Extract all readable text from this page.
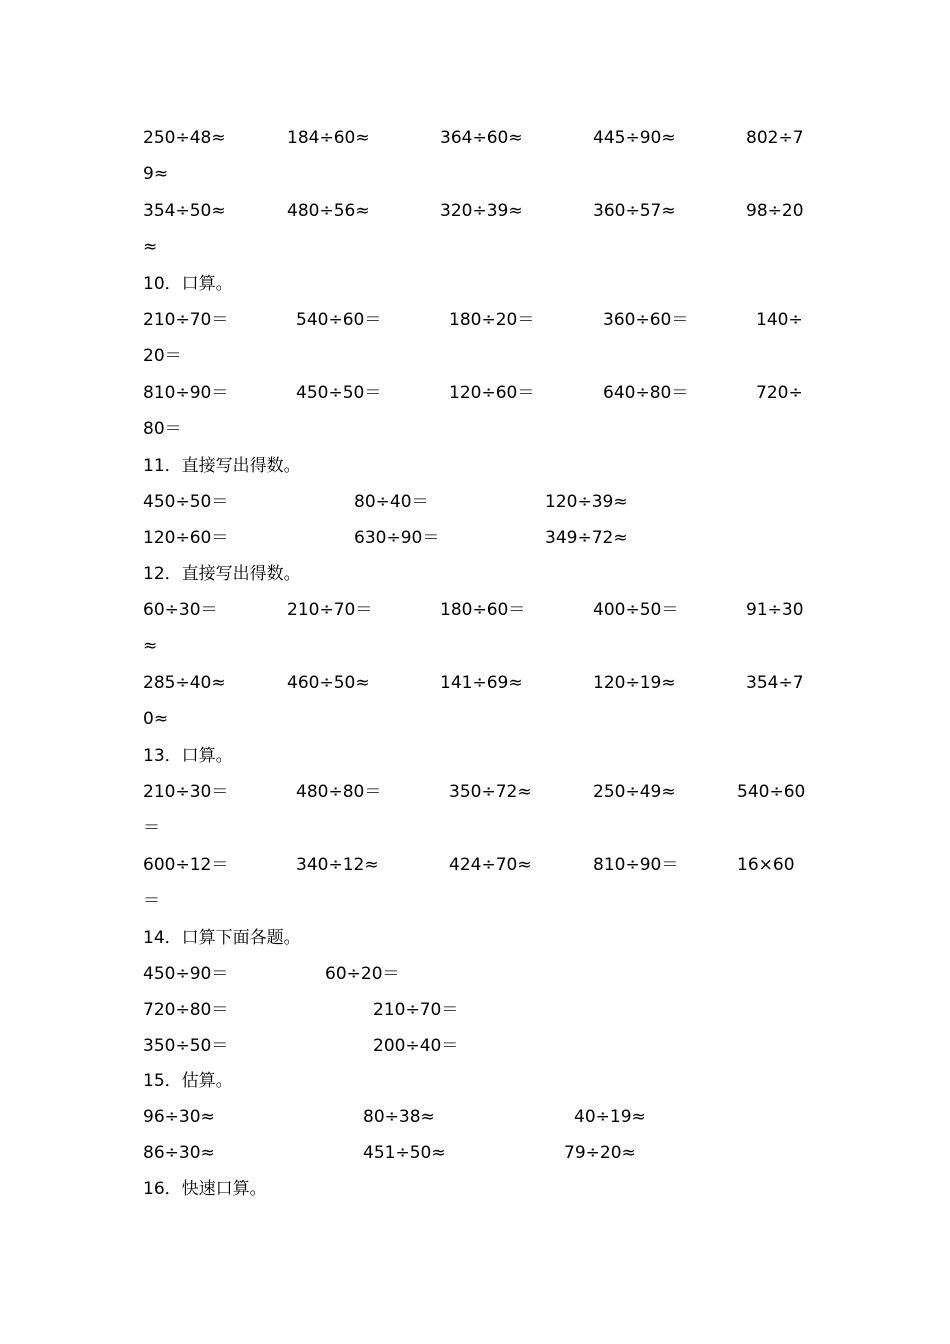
250÷48≈	184÷60≈	364÷60≈	445÷90≈	802÷7
9≈
354÷50≈	480÷56≈	320÷39≈	360÷57≈	98÷20
≈
10．口算。
210÷70＝	540÷60＝	180÷20＝	360÷60＝	140÷
20＝
810÷90＝	450÷50＝	120÷60＝	640÷80＝	720÷
80＝
11．直接写出得数。
450÷50＝	80÷40＝	120÷39≈
120÷60＝	630÷90＝	349÷72≈
12．直接写出得数。
60÷30＝	210÷70＝	180÷60＝	400÷50＝	91÷30
≈
285÷40≈	460÷50≈	141÷69≈	120÷19≈	354÷7
0≈
13．口算。
210÷30＝	480÷80＝	350÷72≈	250÷49≈	540÷60
＝
600÷12＝	340÷12≈	424÷70≈	810÷90＝	16×60
＝
14．口算下面各题。
450÷90＝	60÷20＝
720÷80＝	210÷70＝
350÷50＝	200÷40＝
15．估算。
96÷30≈	80÷38≈	40÷19≈
86÷30≈	451÷50≈	79÷20≈
16．快速口算。
